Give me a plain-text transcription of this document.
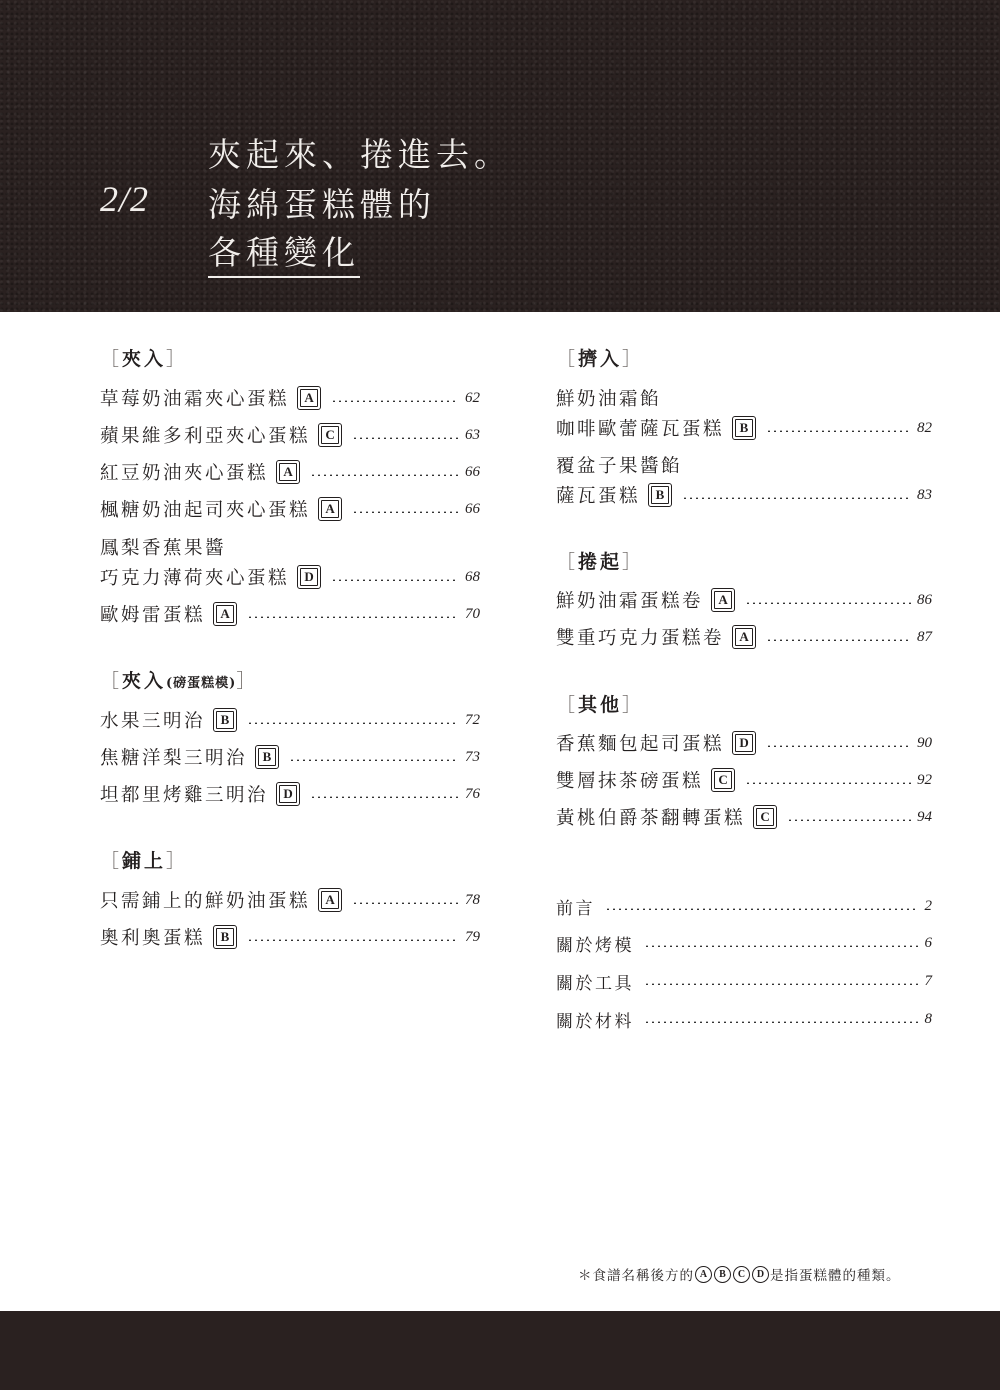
2/2
夾起來、捲進去。
海綿蛋糕體的
各種變化
［夾入］
草莓奶油霜夾心蛋糕	A	62
蘋果維多利亞夾心蛋糕	C	63
紅豆奶油夾心蛋糕	A	66
楓糖奶油起司夾心蛋糕	A	66
鳳梨香蕉果醬
巧克力薄荷夾心蛋糕	D	68
歐姆雷蛋糕	A	70
［夾入(磅蛋糕模)］
水果三明治	B	72
焦糖洋梨三明治	B	73
坦都里烤雞三明治	D	76
［鋪上］
只需鋪上的鮮奶油蛋糕	A	78
奧利奧蛋糕	B	79
［擠入］
鮮奶油霜餡
咖啡歐蕾薩瓦蛋糕	B	82
覆盆子果醬餡
薩瓦蛋糕	B	83
［捲起］
鮮奶油霜蛋糕卷	A	86
雙重巧克力蛋糕卷	A	87
［其他］
香蕉麵包起司蛋糕	D	90
雙層抹茶磅蛋糕	C	92
黃桃伯爵茶翻轉蛋糕	C	94
前言	2
關於烤模	6
關於工具	7
關於材料	8
＊食譜名稱後方的 A	B	C	D 是指蛋糕體的種類。
